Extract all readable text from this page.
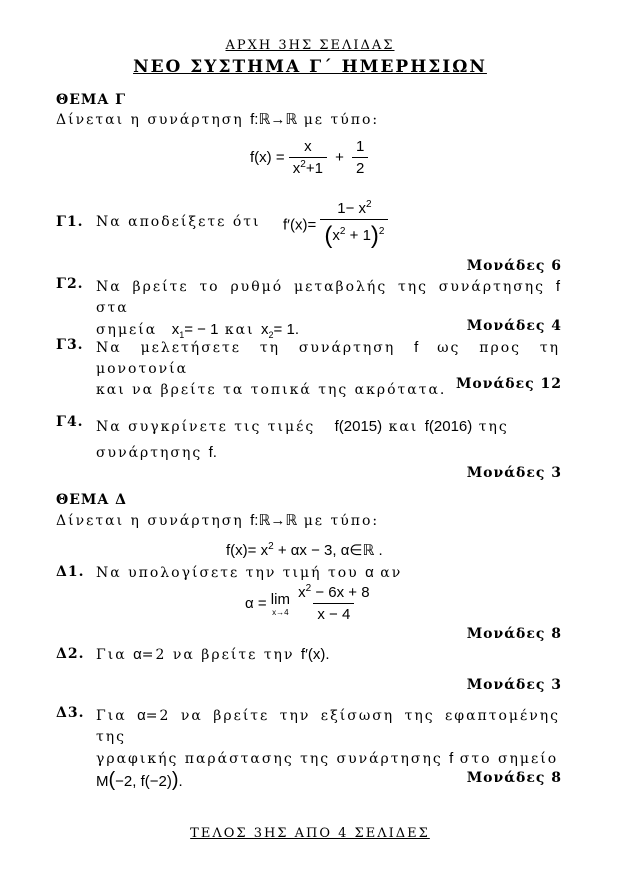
ΑΡΧΗ 3ΗΣ ΣΕΛΙΔΑΣ
ΝΕΟ ΣΥΣΤΗΜΑ Γ΄ ΗΜΕΡΗΣΙΩΝ
ΘΕΜΑ Γ
Δίνεται η συνάρτηση f:ℝ→ℝ με τύπο:
$f(x) = \frac{x}{x^2+1} + \frac{1}{2}$
Γ1. Να αποδείξετε ότι $f'(x)= \frac{1- x^2}{(x^2 + 1)^2}$
Μονάδες 6
Γ2. Να βρείτε το ρυθμό μεταβολής της συνάρτησης f στα
σημεία $x_1= - 1$ και $x_2= 1$.	Μονάδες 4
Γ3. Να μελετήσετε τη συνάρτηση f ως προς τη μονοτονία
και να βρείτε τα τοπικά της ακρότατα. Μονάδες 12
Γ4. Να συγκρίνετε τις τιμές f(2015) και f(2016) της
συνάρτησης f.
Μονάδες 3
ΘΕΜΑ Δ
Δίνεται η συνάρτηση f:ℝ→ℝ με τύπο:
$f(x)= x^2 + \alpha x - 3$, α∈ℝ .
Δ1. Να υπολογίσετε την τιμή του α αν
α = lim
x→4
$\frac{x^2 - 6x + 8}{x - 4}$
Μονάδες 8
Δ2. Για α=2 να βρείτε την f′(x).
Μονάδες 3
Δ3. Για α=2 να βρείτε την εξίσωση της εφαπτομένης της
γραφικής παράστασης της συνάρτησης f στο σημείο
M(−2, f(−2)).	Μονάδες 8
ΤΕΛΟΣ 3ΗΣ ΑΠΟ 4 ΣΕΛΙΔΕΣ
